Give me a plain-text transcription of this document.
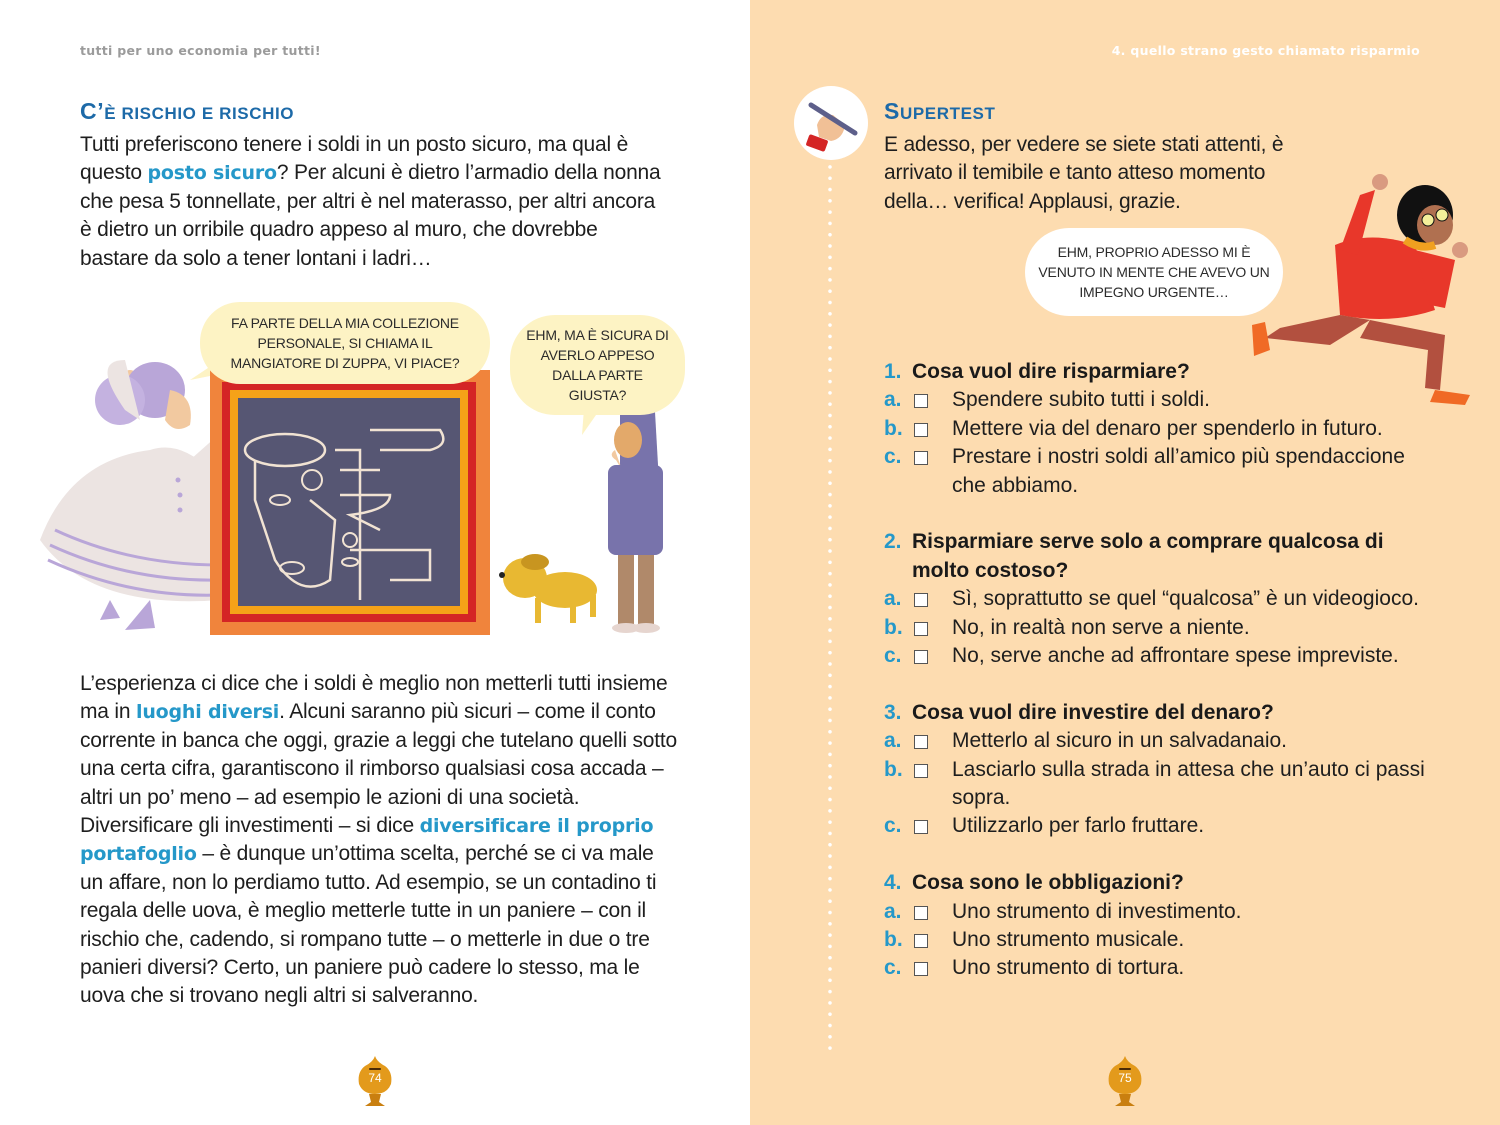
tutti per uno economia per tutti!
C’È RISCHIO E RISCHIO
Tutti preferiscono tenere i soldi in un posto sicuro, ma qual è questo posto sicuro? Per alcuni è dietro l’armadio della nonna che pesa 5 tonnellate, per altri è nel materasso, per altri ancora è dietro un orribile quadro appeso al muro, che dovrebbe bastare da solo a tener lontani i ladri…
FA PARTE DELLA MIA COLLEZIONE PERSONALE, SI CHIAMA IL MANGIATORE DI ZUPPA, VI PIACE?
EHM, MA È SICURA DI AVERLO APPESO DALLA PARTE GIUSTA?
L’esperienza ci dice che i soldi è meglio non metterli tutti insieme ma in luoghi diversi. Alcuni saranno più sicuri – come il conto corrente in banca che oggi, grazie a leggi che tutelano quelli sotto una certa cifra, garantiscono il rimborso qualsiasi cosa accada – altri un po’ meno – ad esempio le azioni di una società. Diversificare gli investimenti – si dice diversificare il proprio portafoglio – è dunque un’ottima scelta, perché se ci va male un affare, non lo perdiamo tutto. Ad esempio, se un contadino ti regala delle uova, è meglio metterle tutte in un paniere – con il rischio che, cadendo, si rompano tutte – o metterle in due o tre panieri diversi? Certo, un paniere può cadere lo stesso, ma le uova che si trovano negli altri si salveranno.
74
4. quello strano gesto chiamato risparmio
SUPERTEST
E adesso, per vedere se siete stati attenti, è arrivato il temibile e tanto atteso momento della… verifica! Applausi, grazie.
EHM, PROPRIO ADESSO MI È VENUTO IN MENTE CHE AVEVO UN IMPEGNO URGENTE…
1. Cosa vuol dire risparmiare?
a.	Spendere subito tutti i soldi.
b.	Mettere via del denaro per spenderlo in futuro.
c.	Prestare i nostri soldi all’amico più spendaccione che abbiamo.
2. Risparmiare serve solo a comprare qualcosa di molto costoso?
a.	Sì, soprattutto se quel “qualcosa” è un videogioco.
b.	No, in realtà non serve a niente.
c.	No, serve anche ad affrontare spese impreviste.
3. Cosa vuol dire investire del denaro?
a.	Metterlo al sicuro in un salvadanaio.
b.	Lasciarlo sulla strada in attesa che un’auto ci passi sopra.
c.	Utilizzarlo per farlo fruttare.
4. Cosa sono le obbligazioni?
a.	Uno strumento di investimento.
b.	Uno strumento musicale.
c.	Uno strumento di tortura.
75
